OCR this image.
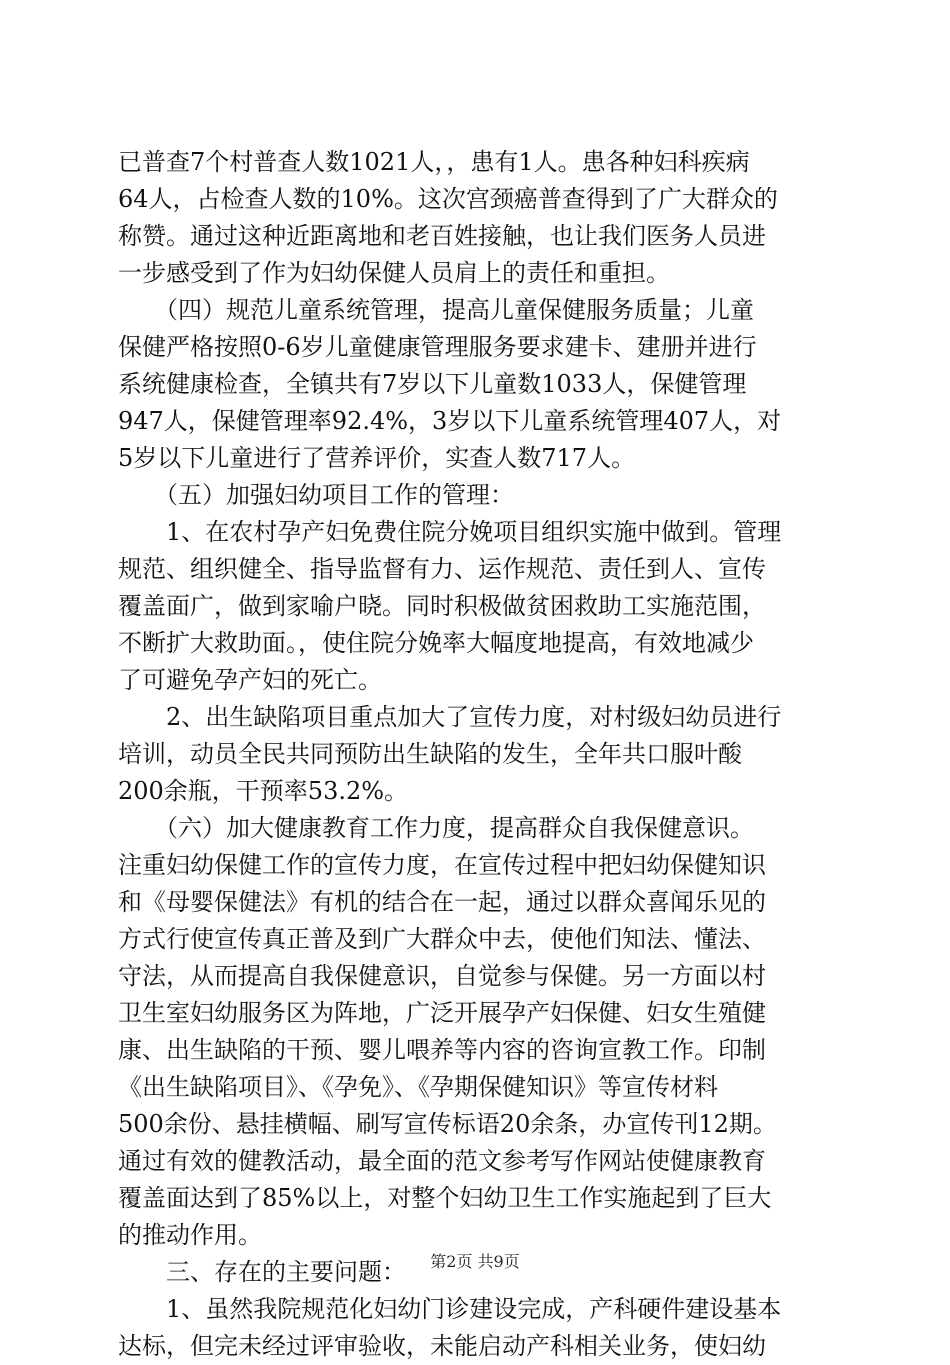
已普查7个村普查人数1021人，，患有1人。患各种妇科疾病
64人，占检查人数的10%。这次宫颈癌普查得到了广大群众的
称赞。通过这种近距离地和老百姓接触，也让我们医务人员进
一步感受到了作为妇幼保健人员肩上的责任和重担。
　　（四）规范儿童系统管理，提高儿童保健服务质量；儿童
保健严格按照0-6岁儿童健康管理服务要求建卡、建册并进行
系统健康检查，全镇共有7岁以下儿童数1033人，保健管理
947人，保健管理率92.4%，3岁以下儿童系统管理407人，对
5岁以下儿童进行了营养评价，实查人数717人。
　　（五）加强妇幼项目工作的管理：
　　1、在农村孕产妇免费住院分娩项目组织实施中做到。管理
规范、组织健全、指导监督有力、运作规范、责任到人、宣传
覆盖面广，做到家喻户晓。同时积极做贫困救助工实施范围，
不断扩大救助面。，使住院分娩率大幅度地提高，有效地减少
了可避免孕产妇的死亡。
　　2、出生缺陷项目重点加大了宣传力度，对村级妇幼员进行
培训，动员全民共同预防出生缺陷的发生，全年共口服叶酸
200余瓶，干预率53.2%。
　　（六）加大健康教育工作力度，提高群众自我保健意识。
注重妇幼保健工作的宣传力度，在宣传过程中把妇幼保健知识
和《母婴保健法》有机的结合在一起，通过以群众喜闻乐见的
方式行使宣传真正普及到广大群众中去，使他们知法、懂法、
守法，从而提高自我保健意识，自觉参与保健。另一方面以村
卫生室妇幼服务区为阵地，广泛开展孕产妇保健、妇女生殖健
康、出生缺陷的干预、婴儿喂养等内容的咨询宣教工作。印制
《出生缺陷项目》、《孕免》、《孕期保健知识》等宣传材料
500余份、悬挂横幅、刷写宣传标语20余条，办宣传刊12期。
通过有效的健教活动，最全面的范文参考写作网站使健康教育
覆盖面达到了85%以上，对整个妇幼卫生工作实施起到了巨大
的推动作用。
　　三、存在的主要问题：
　　1、虽然我院规范化妇幼门诊建设完成，产科硬件建设基本
达标，但完未经过评审验收，未能启动产科相关业务，使妇幼
第2页 共9页
